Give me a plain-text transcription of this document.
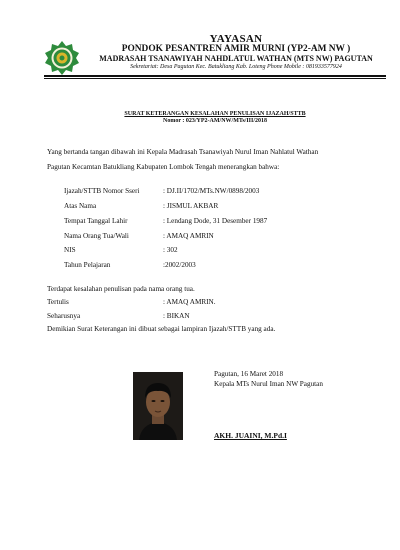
YAYASAN
PONDOK PESANTREN AMIR MURNI (YP2-AM NW )
MADRASAH TSANAWIYAH NAHDLATUL WATHAN (MTS NW) PAGUTAN
Sekretariat: Desa Pagutan Kec. Batukliang Kab. Loteng Phone Mobile : 081933577924
SURAT KETERANGAN KESALAHAN PENULISAN IJAZAH/STTB
Nomor : 023/YP2-AM/NW/MTs/III/2018
Yang bertanda tangan dibawah ini Kepala Madrasah Tsanawiyah Nurul Iman Nahlatul Wathan
Pagutan Kecamtan Batukliang Kabupaten Lombok Tengah menerangkan bahwa:
Ijazah/STTB Nomor Sseri	: DJ.II/1702/MTs.NW/0898/2003
Atas Nama	: JISMUL AKBAR
Tempat Tanggal Lahir	: Lendang Dode, 31 Desember 1987
Nama Orang Tua/Wali	: AMAQ AMRIN
NIS	: 302
Tahun Pelajaran	:2002/2003
Terdapat kesalahan penulisan pada nama orang tua.
Tertulis	: AMAQ AMRIN.
Seharusnya	: BIKAN
Demikian Surat Keterangan ini dibuat sebagai lampiran Ijazah/STTB yang ada.
Pagutan, 16 Maret 2018
Kepala MTs Nurul Iman NW Pagutan
AKH. JUAINI, M.Pd.I
